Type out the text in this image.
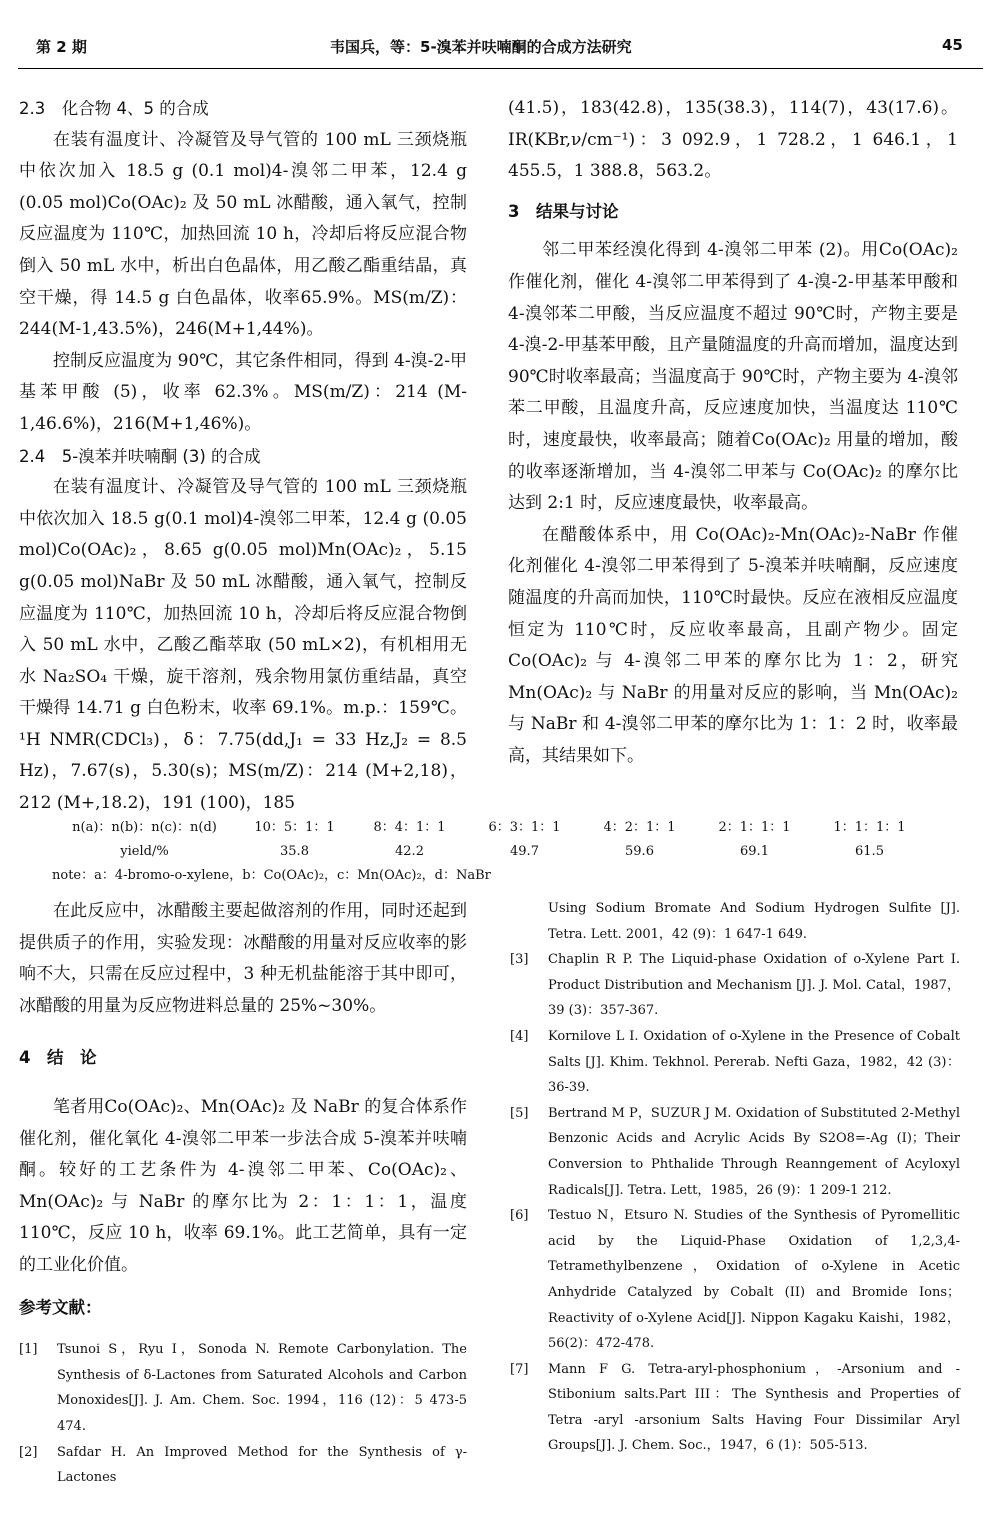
第 2 期	韦国兵，等：5-溴苯并呋喃酮的合成方法研究	45

2.3　化合物 4、5 的合成

在装有温度计、冷凝管及导气管的 100 mL 三颈烧瓶中依次加入 18.5 g (0.1 mol)4-溴邻二甲苯，12.4 g (0.05 mol)Co(OAc)₂ 及 50 mL 冰醋酸，通入氧气，控制反应温度为 110℃，加热回流 10 h，冷却后将反应混合物倒入 50 mL 水中，析出白色晶体，用乙酸乙酯重结晶，真空干燥，得 14.5 g 白色晶体，收率65.9%。MS(m/Z)：244(M-1,43.5%)，246(M+1,44%)。

控制反应温度为 90℃，其它条件相同，得到 4-溴-2-甲基苯甲酸 (5)，收率 62.3%。MS(m/Z)：214 (M-1,46.6%)，216(M+1,46%)。

2.4　5-溴苯并呋喃酮 (3) 的合成

在装有温度计、冷凝管及导气管的 100 mL 三颈烧瓶中依次加入 18.5 g(0.1 mol)4-溴邻二甲苯，12.4 g (0.05 mol)Co(OAc)₂，8.65 g(0.05 mol)Mn(OAc)₂，5.15 g(0.05 mol)NaBr 及 50 mL 冰醋酸，通入氧气，控制反应温度为 110℃，加热回流 10 h，冷却后将反应混合物倒入 50 mL 水中，乙酸乙酯萃取 (50 mL×2)，有机相用无水 Na₂SO₄ 干燥，旋干溶剂，残余物用氯仿重结晶，真空干燥得 14.71 g 白色粉末，收率 69.1%。m.p.：159℃。¹H NMR(CDCl₃)，δ：7.75(dd,J₁ = 33 Hz,J₂ = 8.5 Hz)，7.67(s)，5.30(s)；MS(m/Z)：214 (M+2,18)，212 (M+,18.2)，191 (100)，185

(41.5)，183(42.8)，135(38.3)，114(7)，43(17.6)。IR(KBr,ν/cm⁻¹)：3 092.9，1 728.2，1 646.1，1 455.5，1 388.8，563.2。

3　结果与讨论

邻二甲苯经溴化得到 4-溴邻二甲苯 (2)。用Co(OAc)₂ 作催化剂，催化 4-溴邻二甲苯得到了 4-溴-2-甲基苯甲酸和 4-溴邻苯二甲酸，当反应温度不超过 90℃时，产物主要是 4-溴-2-甲基苯甲酸，且产量随温度的升高而增加，温度达到 90℃时收率最高；当温度高于 90℃时，产物主要为 4-溴邻苯二甲酸，且温度升高，反应速度加快，当温度达 110℃时，速度最快，收率最高；随着Co(OAc)₂ 用量的增加，酸的收率逐渐增加，当 4-溴邻二甲苯与 Co(OAc)₂ 的摩尔比达到 2:1 时，反应速度最快，收率最高。

在醋酸体系中，用 Co(OAc)₂-Mn(OAc)₂-NaBr 作催化剂催化 4-溴邻二甲苯得到了 5-溴苯并呋喃酮，反应速度随温度的升高而加快，110℃时最快。反应在液相反应温度恒定为 110℃时，反应收率最高，且副产物少。固定 Co(OAc)₂ 与 4-溴邻二甲苯的摩尔比为 1：2，研究 Mn(OAc)₂ 与 NaBr 的用量对反应的影响，当 Mn(OAc)₂ 与 NaBr 和 4-溴邻二甲苯的摩尔比为 1：1：2 时，收率最高，其结果如下。

n(a)：n(b)：n(c)：n(d)	10：5：1：1	8：4：1：1	6：3：1：1	4：2：1：1	2：1：1：1	1：1：1：1
yield/%	35.8	42.2	49.7	59.6	69.1	61.5
note：a：4-bromo-o-xylene，b：Co(OAc)₂，c：Mn(OAc)₂，d：NaBr

在此反应中，冰醋酸主要起做溶剂的作用，同时还起到提供质子的作用，实验发现：冰醋酸的用量对反应收率的影响不大，只需在反应过程中，3 种无机盐能溶于其中即可，冰醋酸的用量为反应物进料总量的 25%~30%。

4　结　论

笔者用Co(OAc)₂、Mn(OAc)₂ 及 NaBr 的复合体系作催化剂，催化氧化 4-溴邻二甲苯一步法合成 5-溴苯并呋喃酮。较好的工艺条件为 4-溴邻二甲苯、Co(OAc)₂、Mn(OAc)₂ 与 NaBr 的摩尔比为 2：1：1：1，温度 110℃，反应 10 h，收率 69.1%。此工艺简单，具有一定的工业化价值。

参考文献：

[1]	Tsunoi S，Ryu I，Sonoda N. Remote Carbonylation. The Synthesis of δ-Lactones from Saturated Alcohols and Carbon Monoxides[J]. J. Am. Chem. Soc. 1994，116 (12)：5 473-5 474.
[2]	Safdar H. An Improved Method for the Synthesis of γ-Lactones

Using Sodium Bromate And Sodium Hydrogen Sulfite [J]. Tetra. Lett. 2001，42 (9)：1 647-1 649.

[3]	Chaplin R P. The Liquid-phase Oxidation of o-Xylene Part I. Product Distribution and Mechanism [J]. J. Mol. Catal，1987，39 (3)：357-367.
[4]	Kornilove L I. Oxidation of o-Xylene in the Presence of Cobalt Salts [J]. Khim. Tekhnol. Pererab. Nefti Gaza，1982，42 (3)：36-39.
[5]	Bertrand M P，SUZUR J M. Oxidation of Substituted 2-Methyl Benzonic Acids and Acrylic Acids By S2O8=-Ag (I)；Their Conversion to Phthalide Through Reanngement of Acyloxyl Radicals[J]. Tetra. Lett，1985，26 (9)：1 209-1 212.
[6]	Testuo N，Etsuro N. Studies of the Synthesis of Pyromellitic acid by the Liquid-Phase Oxidation of 1,2,3,4-Tetramethylbenzene，Oxidation of o-Xylene in Acetic Anhydride Catalyzed by Cobalt (II) and Bromide Ions；Reactivity of o-Xylene Acid[J]. Nippon Kagaku Kaishi，1982，56(2)：472-478.
[7]	Mann F G. Tetra-aryl-phosphonium，-Arsonium and -Stibonium salts.Part III：The Synthesis and Properties of Tetra -aryl -arsonium Salts Having Four Dissimilar Aryl Groups[J]. J. Chem. Soc.，1947，6 (1)：505-513.
